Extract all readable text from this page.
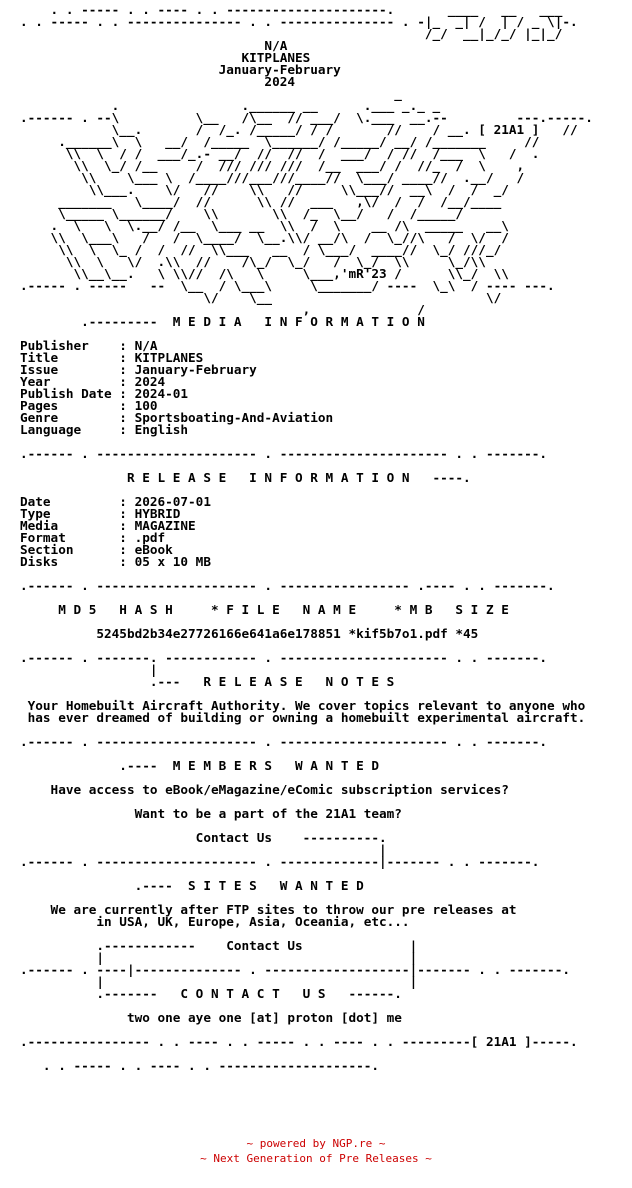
. . ----- . . ---- . . ---------------------.       ____   __   ___
. . ----- . . --------------- . . --------------- . -|_  _| /  | / _ \|-.
/_/  __|_/_/ |_|_/
N/A
KITPLANES
January-February
2024
_
.                .______ __      .___ _._ _
.------ . --\          \__   /\__  // ___/  \.___  __.--         ---.-----.
\__.       /  /_. /_____/ / /       //    / __. [ 21A1 ]   //
.______\  \   __/  /_____  \______/ /_____/ __/ /_______     //
\\  \  / /  ___/_.- __/  //  //  /  ___/  / //  /___  \   /  .
\\  \_/ /__     /  /// /// ///  /__  ___/ /  //_  /  \    ,
\\    \___ \  /____///___///____//  \___/ ____//  .__/   /
\\___.    \/   //    \\   //     \\___//  __\  /  /  _/
_______   \____/  //      \\ //  ___   ,\/  /  /  /__/____
\_____ \______/    \\       \\  /_  \__/   /  /_____/
.  \   \  \.__/ /__  \___ __  \\  /  \    __ /\  _____   __\
\\  \___\   /   /  \____/  \__.\\/ __/\  /  \_//\   /  \/  /
\\  \  \_ /  /  //  \\___   __  / \___/  ____//  \_/ ///_/
\\  \   \/  .\\  //    /\_/  \_/   /  \_/  \\     \_/\\
\\__\__.   \ \\//  /\   \     \___,'mR'23 /      \\_/  \\
.----- . -----   --  \__  / \___\     \_______/ ----  \_\  / ---- ---.
\/    \__                            \/
,              /
.---------  M E D I A   I N F O R M A T I O N

Publisher    : N/A
Title        : KITPLANES
Issue        : January-February
Year         : 2024
Publish Date : 2024-01
Pages        : 100
Genre        : Sportsboating-And-Aviation
Language     : English

.------ . --------------------- . ---------------------- . . -------.

R E L E A S E   I N F O R M A T I O N   ----.

Date         : 2026-07-01
Type         : HYBRID
Media        : MAGAZINE
Format       : .pdf
Section      : eBook
Disks        : 05 x 10 MB

.------ . --------------------- . ----------------- .---- . . -------.

M D 5   H A S H     * F I L E   N A M E     * M B   S I Z E

5245bd2b34e27726166e641a6e178851 *kif5b7o1.pdf *45

.------ . -------. ------------ . ---------------------- . . -------.
|
.---   R E L E A S E   N O T E S

Your Homebuilt Aircraft Authority. We cover topics relevant to anyone who
has ever dreamed of building or owning a homebuilt experimental aircraft.

.------ . --------------------- . ---------------------- . . -------.

.----  M E M B E R S   W A N T E D

Have access to eBook/eMagazine/eComic subscription services?

Want to be a part of the 21A1 team?

Contact Us    ----------.
|
.------ . --------------------- . -------------|------- . . -------.

.----  S I T E S   W A N T E D

We are currently after FTP sites to throw our pre releases at
in USA, UK, Europe, Asia, Oceania, etc...

.------------    Contact Us              |
|                                        |
.------ . ----|-------------- . -------------------|------- . . -------.
|                                        |
.-------   C O N T A C T   U S   ------.

two one aye one [at] proton [dot] me

.---------------- . . ---- . . ----- . . ---- . . ---------[ 21A1 ]-----.

. . ----- . . ---- . . --------------------.

~ powered by NGP.re ~
~ Next Generation of Pre Releases ~
